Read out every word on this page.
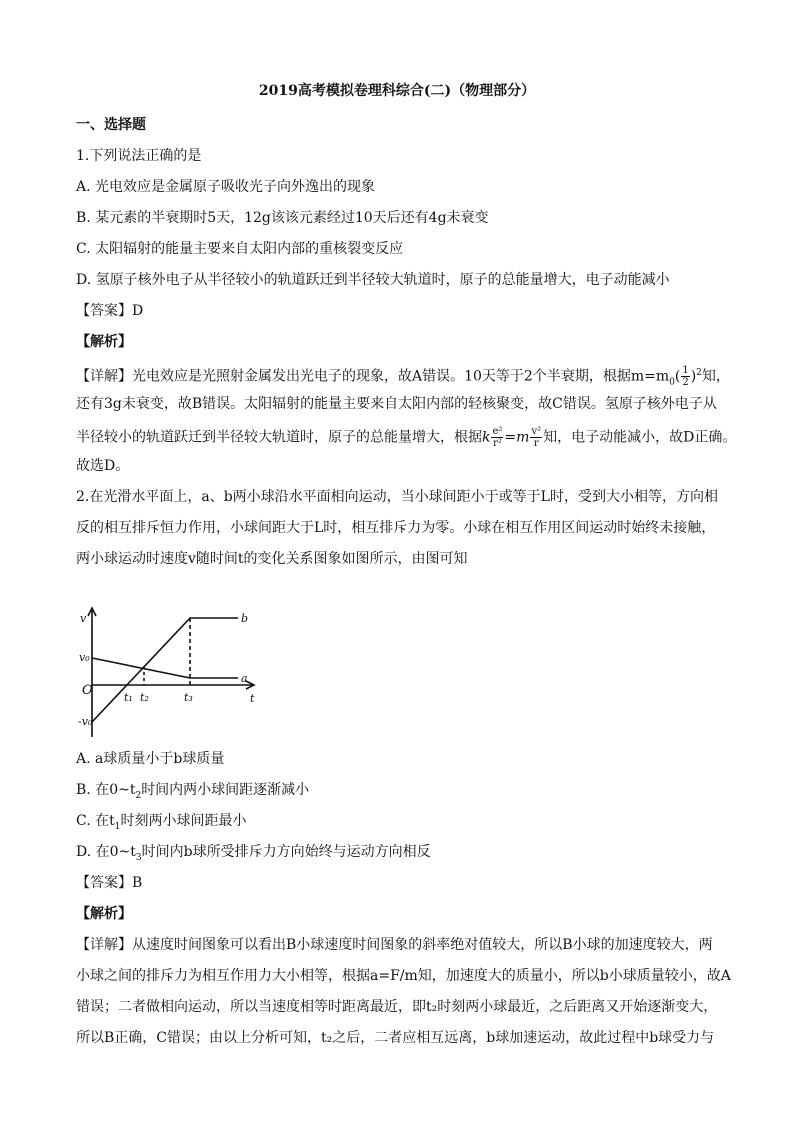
2019高考模拟卷理科综合(二)（物理部分）
一、选择题
1.下列说法正确的是
A. 光电效应是金属原子吸收光子向外逸出的现象
B. 某元素的半衰期时5天，12g该该元素经过10天后还有4g未衰变
C. 太阳辐射的能量主要来自太阳内部的重核裂变反应
D. 氢原子核外电子从半径较小的轨道跃迁到半径较大轨道时，原子的总能量增大，电子动能减小
【答案】D
【解析】
【详解】光电效应是光照射金属发出光电子的现象，故A错误。10天等于2个半衰期，根据$m=m_0( \frac{1}{2} )^2$知，
还有3g未衰变，故B错误。太阳辐射的能量主要来自太阳内部的轻核聚变，故C错误。氢原子核外电子从
半径较小的轨道跃迁到半径较大轨道时，原子的总能量增大，根据k $\frac{\text{e²}}{\text{r²}} =m \frac{\text{v²}}{r}$ 知，电子动能减小，故D正确。
故选D。
2.在光滑水平面上，a、b两小球沿水平面相向运动，当小球间距小于或等于L时，受到大小相等，方向相
反的相互排斥恒力作用，小球间距大于L时，相互排斥力为零。小球在相互作用区间运动时始终未接触，
两小球运动时速度v随时间t的变化关系图象如图所示，由图可知
v
t
v₀
-v₀
O	t₁ t₂	t₃
b
a
A. a球质量小于b球质量
B. 在$0\sim t_2$时间内两小球间距逐渐减小
C. 在$t_1$时刻两小球间距最小
D. 在$0\sim t_3$时间内b球所受排斥力方向始终与运动方向相反
【答案】B
【解析】
【详解】从速度时间图象可以看出B小球速度时间图象的斜率绝对值较大，所以B小球的加速度较大，两
小球之间的排斥力为相互作用力大小相等，根据a=F/m知，加速度大的质量小，所以b小球质量较小，故A
错误；二者做相向运动，所以当速度相等时距离最近，即t₂时刻两小球最近，之后距离又开始逐渐变大，
所以B正确，C错误；由以上分析可知，t₂之后，二者应相互远离，b球加速运动，故此过程中b球受力与
